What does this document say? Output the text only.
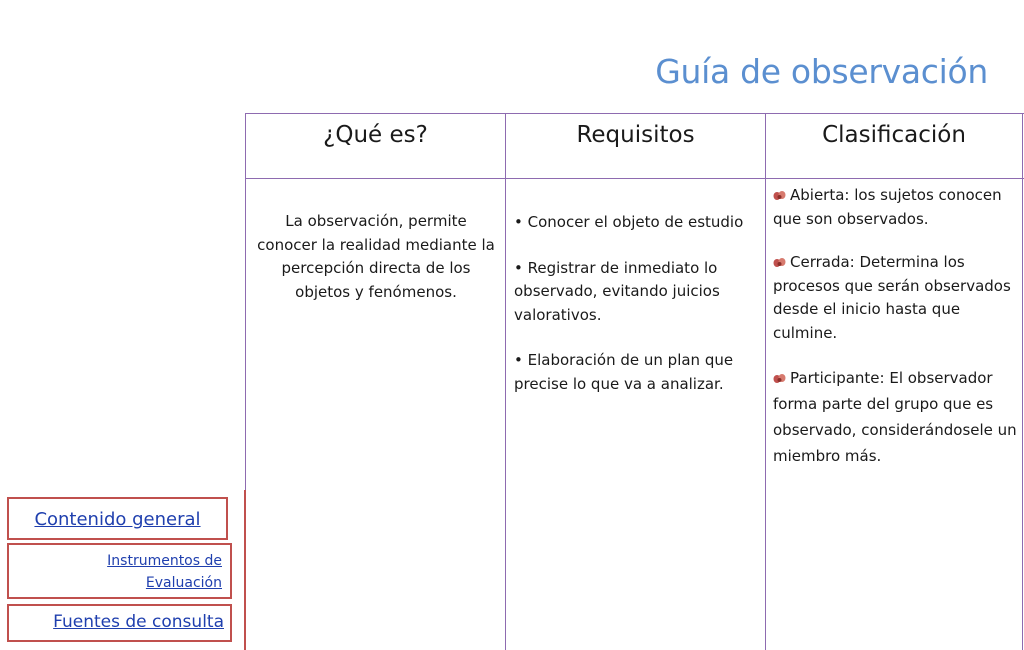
Guía de observación
¿Qué es?	Requisitos	Clasificación
La observación, permite conocer la realidad mediante la percepción directa de los objetos y fenómenos.

• Conocer el objeto de estudio

• Registrar de inmediato lo observado, evitando juicios valorativos.

• Elaboración de un plan que precise lo que va a analizar.

Abierta: los sujetos conocen que son observados.

Cerrada: Determina los procesos que serán observados desde el inicio hasta que culmine.

Participante: El observador forma parte del grupo que es observado, considerándosele un miembro más.

Contenido general
Instrumentos de Evaluación
Fuentes de consulta
